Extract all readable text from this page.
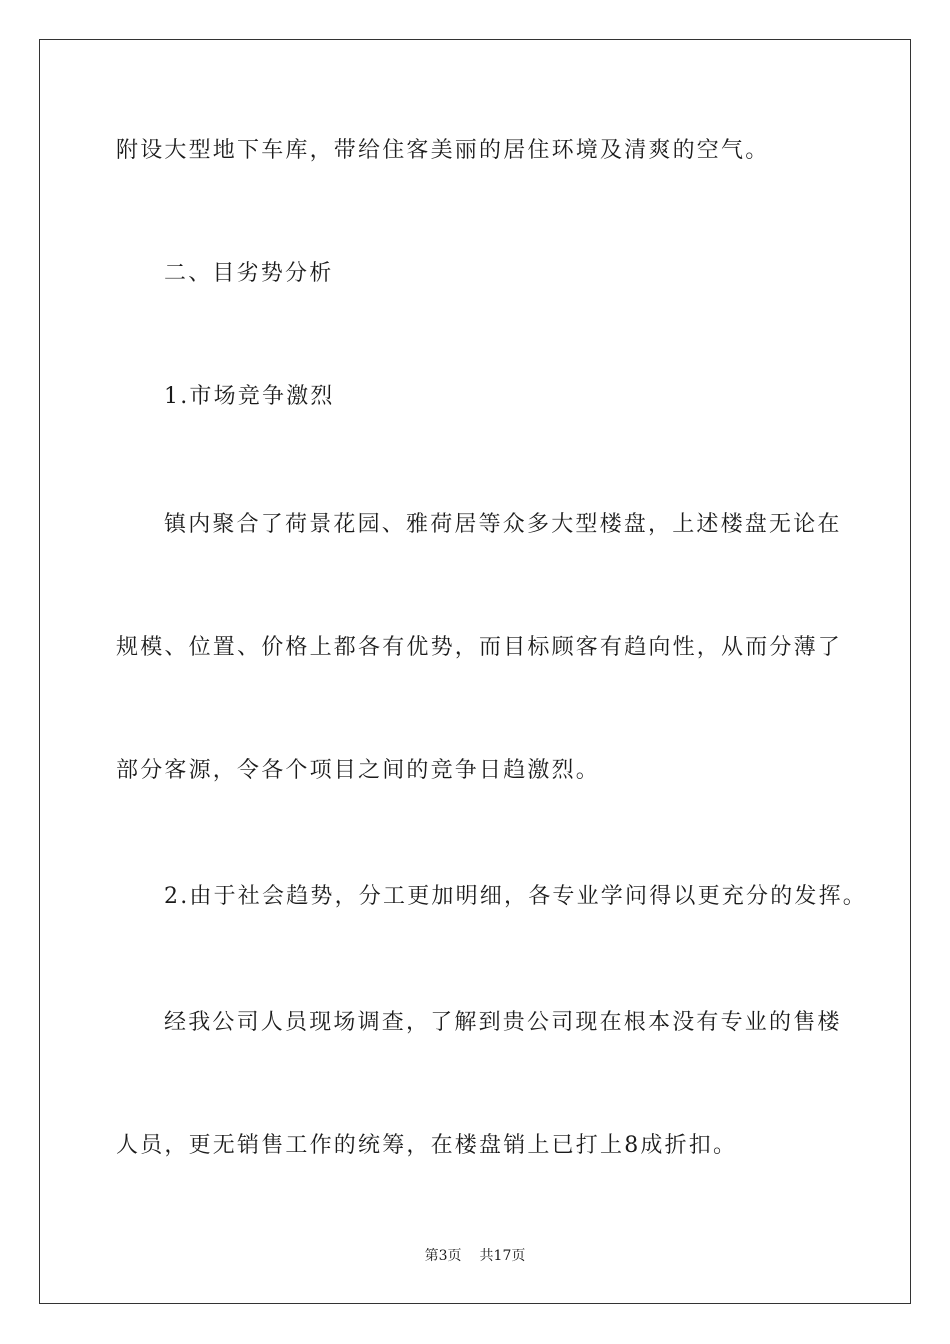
附设大型地下车库，带给住客美丽的居住环境及清爽的空气。
二、目劣势分析
1.市场竞争激烈
镇内聚合了荷景花园、雅荷居等众多大型楼盘，上述楼盘无论在
规模、位置、价格上都各有优势，而目标顾客有趋向性，从而分薄了
部分客源，令各个项目之间的竞争日趋激烈。
2.由于社会趋势，分工更加明细，各专业学问得以更充分的发挥。
经我公司人员现场调查，了解到贵公司现在根本没有专业的售楼
人员，更无销售工作的统筹，在楼盘销上已打上8成折扣。
第3页 共17页
